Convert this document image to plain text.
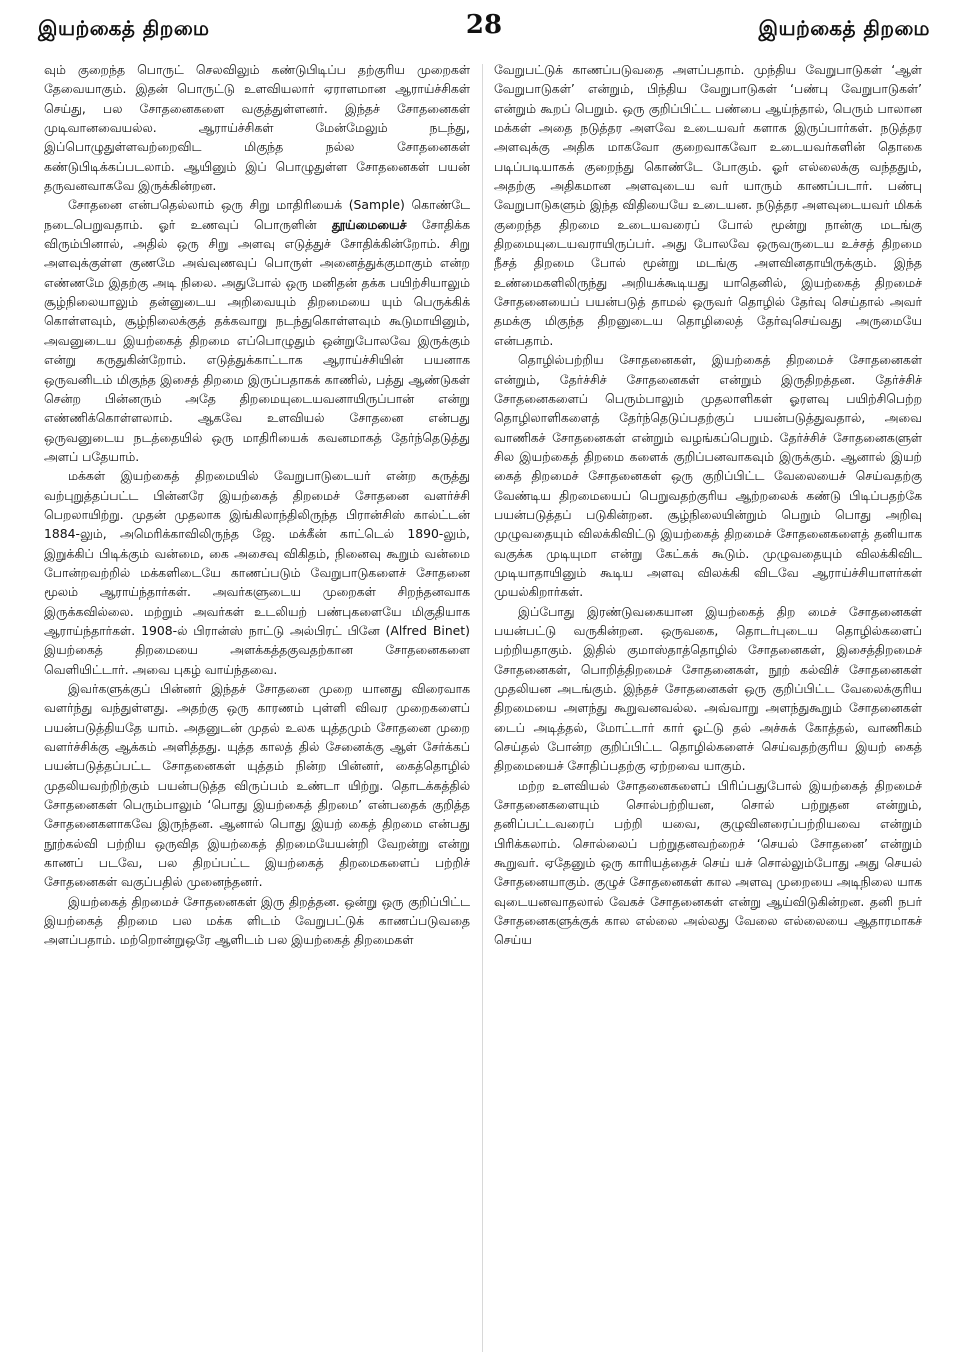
இயற்கைத் திறமை	28	இயற்கைத் திறமை

வும் குறைந்த பொருட் செலவிலும் கண்டுபிடிப்ப தற்குரிய முறைகள் தேவையாகும். இதன் பொருட்டு உளவியலார் ஏராளமான ஆராய்ச்சிகள் செய்து, பல சோதனைகளை வகுத்துள்ளனர். இந்தச் சோதனைகள் முடிவானவையல்ல. ஆராய்ச்சிகள் மேன்மேலும் நடந்து, இப்பொழுதுள்ளவற்றைவிட மிகுந்த நல்ல சோதனைகள் கண்டுபிடிக்கப்படலாம். ஆயினும் இப் பொழுதுள்ள சோதனைகள் பயன் தருவனவாகவே இருக்கின்றன.

சோதனை என்பதெல்லாம் ஒரு சிறு மாதிரியைக் (Sample) கொண்டே நடைபெறுவதாம். ஓர் உணவுப் பொருளின் தூய்மையைச் சோதிக்க விரும்பினால், அதில் ஒரு சிறு அளவு எடுத்துச் சோதிக்கின்றோம். சிறு அளவுக்குள்ள குணமே அவ்வுணவுப் பொருள் அனைத்துக்குமாகும் என்ற எண்ணமே இதற்கு அடி நிலை. அதுபோல் ஒரு மனிதன் தக்க பயிற்சியாலும் சூழ்நிலையாலும் தன்னுடைய அறிவையும் திறமையை யும் பெருக்கிக் கொள்ளவும், சூழ்நிலைக்குத் தக்கவாறு நடந்துகொள்ளவும் கூடுமாயினும், அவனுடைய இயற்கைத் திறமை எப்பொழுதும் ஒன்றுபோலவே இருக்கும் என்று கருதுகின்றோம். எடுத்துக்காட்டாக ஆராய்ச்சியின் பயனாக ஒருவனிடம் மிகுந்த இசைத் திறமை இருப்பதாகக் காணில், பத்து ஆண்டுகள் சென்ற பின்னரும் அதே திறமையுடையவனாயிருப்பான் என்று எண்ணிக்கொள்ளலாம். ஆகவே உளவியல் சோதனை என்பது ஒருவனுடைய நடத்தையில் ஒரு மாதிரியைக் கவனமாகத் தேர்ந்தெடுத்து அளப் பதேயாம்.

மக்கள் இயற்கைத் திறமையில் வேறுபாடுடையர் என்ற கருத்து வற்புறுத்தப்பட்ட பின்னரே இயற்கைத் திறமைச் சோதனை வளர்ச்சி பெறலாயிற்று. முதன் முதலாக இங்கிலாந்திலிருந்த பிரான்சிஸ் கால்ட்டன் 1884-லும், அமெரிக்காவிலிருந்த ஜே. மக்கீன் காட்டெல் 1890-லும், இறுக்கிப் பிடிக்கும் வன்மை, கை அசைவு விகிதம், நினைவு கூறும் வன்மை போன்றவற்றில் மக்களிடையே காணப்படும் வேறுபாடுகளைச் சோதனை மூலம் ஆராய்ந்தார்கள். அவர்களுடைய முறைகள் சிறந்தனவாக இருக்கவில்லை. மற்றும் அவர்கள் உடலியற் பண்புகளையே மிகுதியாக ஆராய்ந்தார்கள். 1908-ல் பிரான்ஸ் நாட்டு அல்பிரட் பினே (Alfred Binet) இயற்கைத் திறமையை அளக்கத்தகுவதற்கான சோதனைகளை வெளியிட்டார். அவை புகழ் வாய்ந்தவை.

இவர்களுக்குப் பின்னர் இந்தச் சோதனை முறை யானது விரைவாக வளர்ந்து வந்துள்ளது. அதற்கு ஒரு காரணம் புள்ளி விவர முறைகளைப் பயன்படுத்தியதே யாம். அதனுடன் முதல் உலக யுத்தமும் சோதனை முறை வளர்ச்சிக்கு ஆக்கம் அளித்தது. யுத்த காலத் தில் சேனைக்கு ஆள் சேர்க்கப் பயன்படுத்தப்பட்ட சோதனைகள் யுத்தம் நின்ற பின்னர், கைத்தொழில் முதலியவற்றிற்கும் பயன்படுத்த விருப்பம் உண்டா யிற்று. தொடக்கத்தில் சோதனைகள் பெரும்பாலும் ‘பொது இயற்கைத் திறமை’ என்பதைக் குறித்த சோதனைகளாகவே இருந்தன. ஆனால் பொது இயற் கைத் திறமை என்பது நூற்கல்வி பற்றிய ஒருவித இயற்கைத் திறமையேயன்றி வேறன்று என்று காணப் படவே, பல திறப்பட்ட இயற்கைத் திறமைகளைப் பற்றிச் சோதனைகள் வகுப்பதில் முனைந்தனர்.

இயற்கைத் திறமைச் சோதனைகள் இரு திறத்தன. ஒன்று ஒரு குறிப்பிட்ட இயற்கைத் திறமை பல மக்க ளிடம் வேறுபட்டுக் காணப்படுவதை அளப்பதாம். மற்றொன்றுஒரே ஆளிடம் பல இயற்கைத் திறமைகள்

வேறுபட்டுக் காணப்படுவதை அளப்பதாம். முந்திய வேறுபாடுகள் ‘ஆள் வேறுபாடுகள்’ என்றும், பிந்திய வேறுபாடுகள் ‘பண்பு வேறுபாடுகள்’ என்றும் கூறப் பெறும். ஒரு குறிப்பிட்ட பண்பை ஆய்ந்தால், பெரும் பாலான மக்கள் அதை நடுத்தர அளவே உடையவர் களாக இருப்பார்கள். நடுத்தர அளவுக்கு அதிக மாகவோ குறைவாகவோ உடையவர்களின் தொகை படிப்படியாகக் குறைந்து கொண்டே போகும். ஓர் எல்லைக்கு வந்ததும், அதற்கு அதிகமான அளவுடைய வர் யாரும் காணப்படார். பண்பு வேறுபாடுகளும் இந்த விதியையே உடையன. நடுத்தர அளவுடையவர் மிகக் குறைந்த திறமை உடையவரைப் போல் மூன்று நான்கு மடங்கு திறமையுடையவராயிருப்பர். அது போலவே ஒருவருடைய உச்சத் திறமை நீசத் திறமை போல் மூன்று மடங்கு அளவினதாயிருக்கும். இந்த உண்மைகளிலிருந்து அறியக்கூடியது யாதெனில், இயற்கைத் திறமைச் சோதனையைப் பயன்படுத் தாமல் ஒருவர் தொழில் தேர்வு செய்தால் அவர் தமக்கு மிகுந்த திறனுடைய தொழிலைத் தேர்வுசெய்வது அருமையே என்பதாம்.

தொழில்பற்றிய சோதனைகள், இயற்கைத் திறமைச் சோதனைகள் என்றும், தேர்ச்சிச் சோதனைகள் என்றும் இருதிறத்தன. தேர்ச்சிச் சோதனைகளைப் பெரும்பாலும் முதலாளிகள் ஓரளவு பயிற்சிபெற்ற தொழிலாளிகளைத் தேர்ந்தெடுப்பதற்குப் பயன்படுத்துவதால், அவை வாணிகச் சோதனைகள் என்றும் வழங்கப்பெறும். தேர்ச்சிச் சோதனைகளுள் சில இயற்கைத் திறமை களைக் குறிப்பனவாகவும் இருக்கும். ஆனால் இயற் கைத் திறமைச் சோதனைகள் ஒரு குறிப்பிட்ட வேலையைச் செய்வதற்கு வேண்டிய திறமையைப் பெறுவதற்குரிய ஆற்றலைக் கண்டு பிடிப்பதற்கே பயன்படுத்தப் படுகின்றன. சூழ்நிலையின்றும் பெறும் பொது அறிவு முழுவதையும் விலக்கிவிட்டு இயற்கைத் திறமைச் சோதனைகளைத் தனியாக வகுக்க முடியுமா என்று கேட்கக் கூடும். முழுவதையும் விலக்கிவிட முடியாதாயினும் கூடிய அளவு விலக்கி விடவே ஆராய்ச்சியாளர்கள் முயல்கிறார்கள்.

இப்போது இரண்டுவகையான இயற்கைத் திற மைச் சோதனைகள் பயன்பட்டு வருகின்றன. ஒருவகை, தொடர்புடைய தொழில்களைப் பற்றியதாகும். இதில் குமாஸ்தாத்தொழில் சோதனைகள், இசைத்திறமைச் சோதனைகள், பொறித்திறமைச் சோதனைகள், நூற் கல்விச் சோதனைகள் முதலியன அடங்கும். இந்தச் சோதனைகள் ஒரு குறிப்பிட்ட வேலைக்குரிய திறமையை அளந்து கூறுவனவல்ல. அவ்வாறு அளந்துகூறும் சோதனைகள் டைப் அடித்தல், மோட்டார் கார் ஓட்டு தல் அச்சுக் கோத்தல், வாணிகம் செய்தல் போன்ற குறிப்பிட்ட தொழில்களைச் செய்வதற்குரிய இயற் கைத் திறமையைச் சோதிப்பதற்கு ஏற்றவை யாகும்.

மற்ற உளவியல் சோதனைகளைப் பிரிப்பதுபோல் இயற்கைத் திறமைச் சோதனைகளையும் சொல்பற்றியன, சொல் பற்றுதன என்றும், தனிப்பட்டவரைப் பற்றி யவை, குழுவினரைப்பற்றியவை என்றும் பிரிக்கலாம். சொல்லைப் பற்றுதனவற்றைச் ‘செயல் சோதனை’ என்றும் கூறுவர். ஏதேனும் ஒரு காரியத்தைச் செய் யச் சொல்லும்போது அது செயல் சோதனையாகும். குழுச் சோதனைகள் கால அளவு முறையை அடிநிலை யாக வுடையனவாதலால் வேகச் சோதனைகள் என்று ஆய்விடுகின்றன. தனி நபர் சோதனைகளுக்குக் கால எல்லை அல்லது வேலை எல்லையை ஆதாரமாகச் செய்ய
